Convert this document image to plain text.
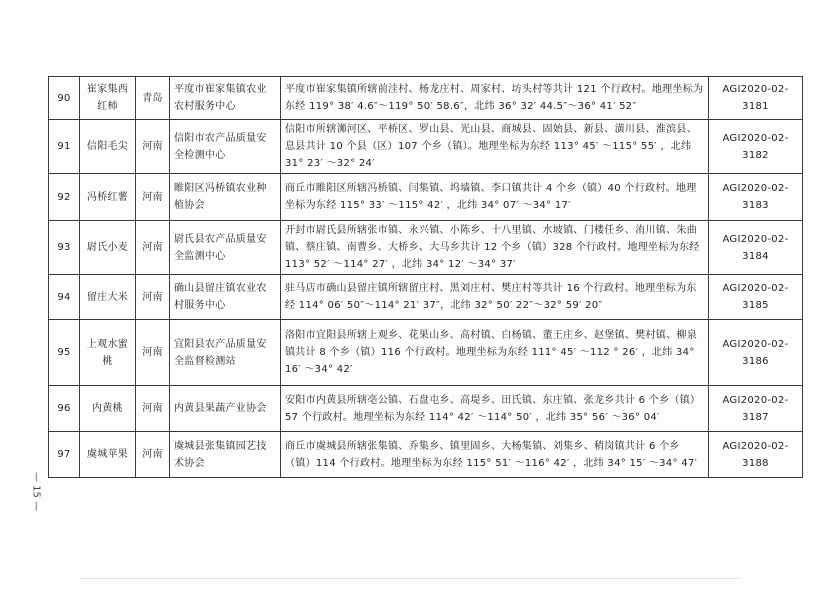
90	崔家集西红柿	青岛	平度市崔家集镇农业农村服务中心	平度市崔家集镇所辖前洼村、杨龙庄村、周家村、坊头村等共计 121 个行政村。地理坐标为东经 119° 38′ 4.6″～119° 50′ 58.6″，北纬 36° 32′ 44.5″～36° 41′ 52″	AGI2020-02-3181
91	信阳毛尖	河南	信阳市农产品质量安全检测中心	信阳市所辖浉河区、平桥区、罗山县、光山县、商城县、固始县、新县、潢川县、淮滨县、息县共计 10 个县（区）107 个乡（镇）。地理坐标为东经 113° 45′ ～115° 55′ ，北纬 31° 23′ ～32° 24′	AGI2020-02-3182
92	冯桥红薯	河南	睢阳区冯桥镇农业种植协会	商丘市睢阳区所辖冯桥镇、闫集镇、坞墙镇、李口镇共计 4 个乡（镇）40 个行政村。地理坐标为东经 115° 33′ ～115° 42′ ，北纬 34° 07′ ～34° 17′	AGI2020-02-3183
93	尉氏小麦	河南	尉氏县农产品质量安全监测中心	开封市尉氏县所辖张市镇、永兴镇、小陈乡、十八里镇、水坡镇、门楼任乡、洧川镇、朱曲镇、蔡庄镇、南曹乡、大桥乡、大马乡共计 12 个乡（镇）328 个行政村。地理坐标为东经 113° 52′ ～114° 27′ ，北纬 34° 12′ ～34° 37′	AGI2020-02-3184
94	留庄大米	河南	确山县留庄镇农业农村服务中心	驻马店市确山县留庄镇所辖留庄村、黑刘庄村、樊庄村等共计 16 个行政村。地理坐标为东经 114° 06′ 50″～114° 21′ 37″，北纬 32° 50′ 22″～32° 59′ 20″	AGI2020-02-3185
95	上观水蜜桃	河南	宜阳县农产品质量安全监督检测站	洛阳市宜阳县所辖上观乡、花果山乡、高村镇、白杨镇、董王庄乡、赵堡镇、樊村镇、柳泉镇共计 8 个乡（镇）116 个行政村。地理坐标为东经 111° 45′ ～112 ° 26′ ，北纬 34° 16′ ～34° 42′	AGI2020-02-3186
96	内黄桃	河南	内黄县果蔬产业协会	安阳市内黄县所辖亳公镇、石盘屯乡、高堤乡、田氏镇、东庄镇、张龙乡共计 6 个乡（镇）57 个行政村。地理坐标为东经 114° 42′ ～114° 50′ ，北纬 35° 56′ ～36° 04′	AGI2020-02-3187
97	虞城苹果	河南	虞城县张集镇园艺技术协会	商丘市虞城县所辖张集镇、乔集乡、镇里固乡、大杨集镇、刘集乡、稍岗镇共计 6 个乡（镇）114 个行政村。地理坐标为东经 115° 51′ ～116° 42′ ，北纬 34° 15′ ～34° 47′	AGI2020-02-3188
— 15 —
